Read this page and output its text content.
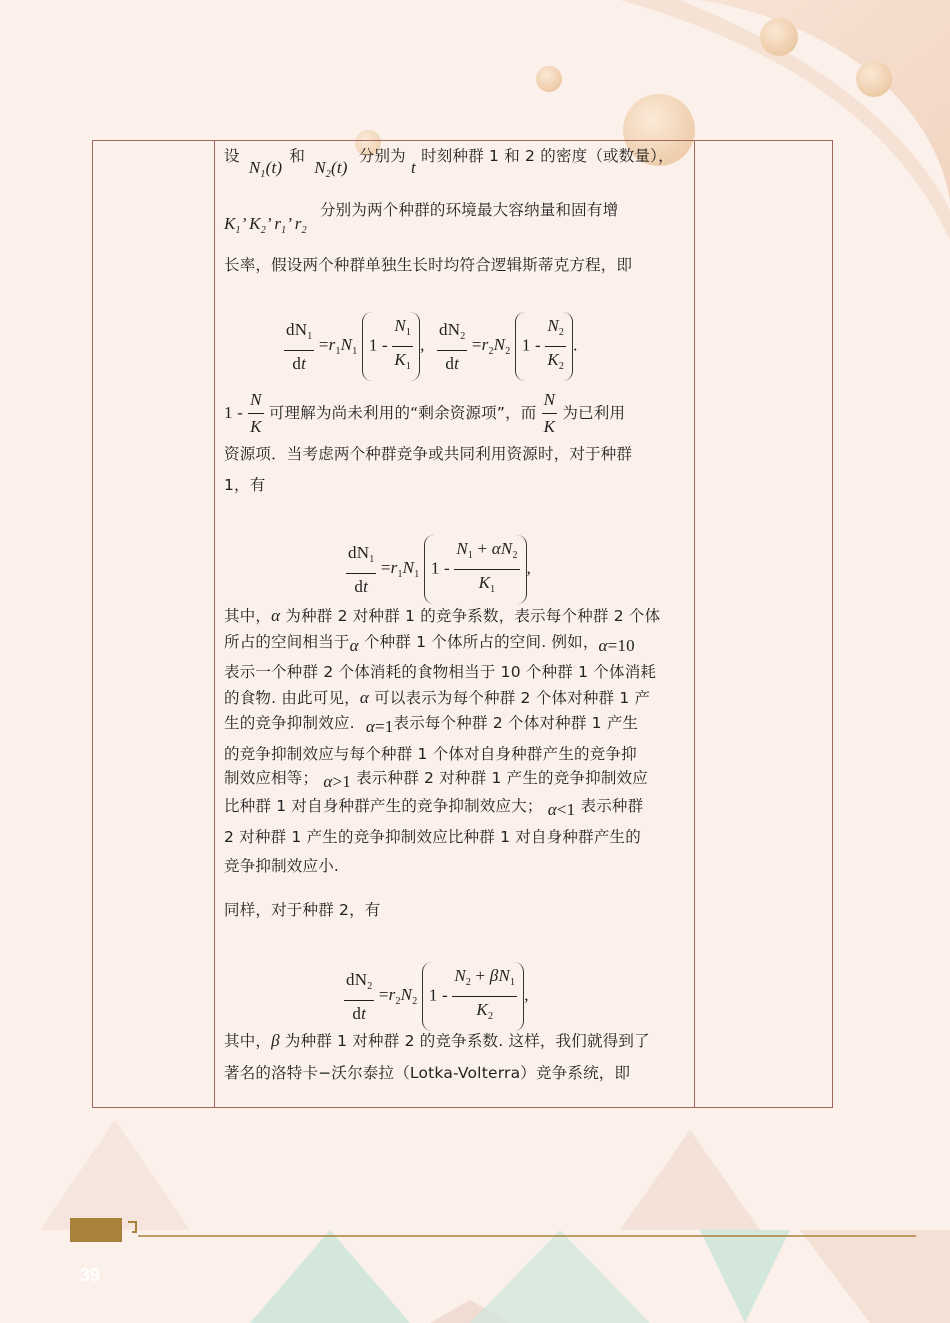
39
设 $N_1(t)$ 和 $N_2(t)$ 分别为 t 时刻种群 1 和 2 的密度（或数量），
$K_1$’ $K_2$’ $r_1$’ $r_2$ 分别为两个种群的环境最大容纳量和固有增
长率，假设两个种群单独生长时均符合逻辑斯蒂克方程，即
$\frac{dN_1}{dt} =r_1N_1$ $1 - \frac{N_1}{K_1}$ , $\frac{dN_2}{dt} =r_2N_2$ $1 - \frac{N_2}{K_2}$ .
$1 - \frac{N}{K}$ 可理解为尚未利用的“剩余资源项”，而 $\frac{N}{K}$ 为已利用
资源项．当考虑两个种群竞争或共同利用资源时，对于种群
1，有
$\frac{dN_1}{dt} =r_1N_1$ $1 - \frac{N_1 + \alpha N_2}{K_1}$ ,
其中，α 为种群 2 对种群 1 的竞争系数，表示每个种群 2 个体
所占的空间相当于α 个种群 1 个体所占的空间. 例如，α=10
表示一个种群 2 个体消耗的食物相当于 10 个种群 1 个体消耗
的食物. 由此可见，α 可以表示为每个种群 2 个体对种群 1 产
生的竞争抑制效应. α=1表示每个种群 2 个体对种群 1 产生
的竞争抑制效应与每个种群 1 个体对自身种群产生的竞争抑
制效应相等； α>1 表示种群 2 对种群 1 产生的竞争抑制效应
比种群 1 对自身种群产生的竞争抑制效应大； α<1 表示种群
2 对种群 1 产生的竞争抑制效应比种群 1 对自身种群产生的
竞争抑制效应小.
同样，对于种群 2，有
$\frac{dN_2}{dt} =r_2N_2$ $1 - \frac{N_2 + \beta N_1}{K_2}$ ,
其中，β 为种群 1 对种群 2 的竞争系数. 这样，我们就得到了
著名的洛特卡−沃尔泰拉（Lotka-Volterra）竞争系统，即
